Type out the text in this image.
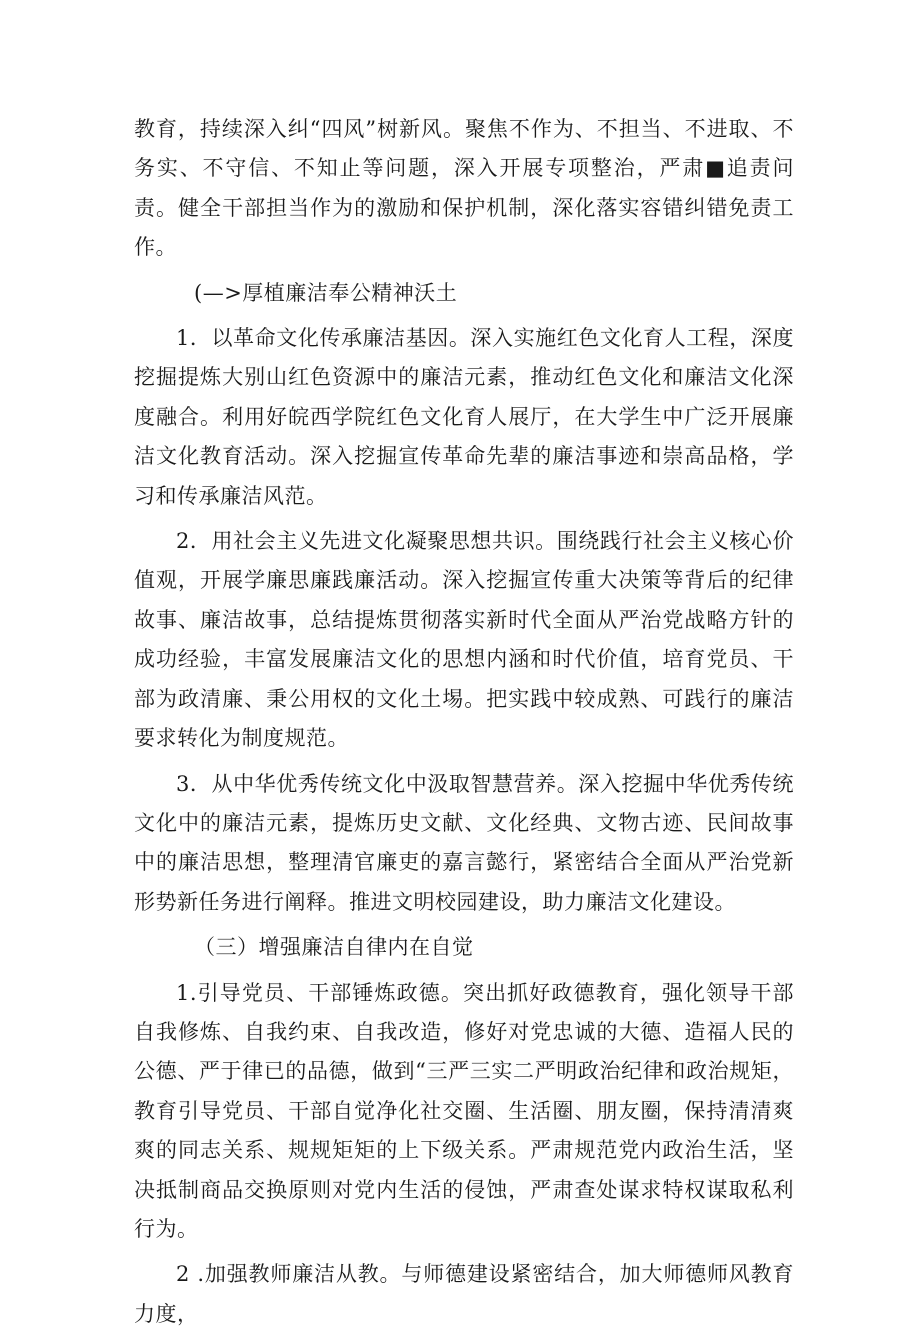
教育，持续深入纠“四风”树新风。聚焦不作为、不担当、不进取、不务实、不守信、不知止等问题，深入开展专项整治，严肃■追责问责。健全干部担当作为的激励和保护机制，深化落实容错纠错免责工作。

(—>厚植廉洁奉公精神沃土

1．以革命文化传承廉洁基因。深入实施红色文化育人工程，深度挖掘提炼大别山红色资源中的廉洁元素，推动红色文化和廉洁文化深度融合。利用好皖西学院红色文化育人展厅，在大学生中广泛开展廉洁文化教育活动。深入挖掘宣传革命先辈的廉洁事迹和崇高品格，学习和传承廉洁风范。

2．用社会主义先进文化凝聚思想共识。围绕践行社会主义核心价值观，开展学廉思廉践廉活动。深入挖掘宣传重大决策等背后的纪律故事、廉洁故事，总结提炼贯彻落实新时代全面从严治党战略方针的成功经验，丰富发展廉洁文化的思想内涵和时代价值，培育党员、干部为政清廉、秉公用权的文化土埸。把实践中较成熟、可践行的廉洁要求转化为制度规范。

3．从中华优秀传统文化中汲取智慧营养。深入挖掘中华优秀传统文化中的廉洁元素，提炼历史文献、文化经典、文物古迹、民间故事中的廉洁思想，整理清官廉吏的嘉言懿行，紧密结合全面从严治党新形势新任务进行阐释。推进文明校园建设，助力廉洁文化建设。

（三）增强廉洁自律内在自觉

1.引导党员、干部锤炼政德。突出抓好政德教育，强化领导干部自我修炼、自我约束、自我改造，修好对党忠诚的大德、造福人民的公德、严于律已的品德，做到“三严三实二严明政治纪律和政治规矩，教育引导党员、干部自觉净化社交圈、生活圈、朋友圈，保持清清爽爽的同志关系、规规矩矩的上下级关系。严肃规范党内政治生活，坚决抵制商品交换原则对党内生活的侵蚀，严肃查处谋求特权谋取私利行为。

2 .加强教师廉洁从教。与师德建设紧密结合，加大师德师风教育力度，
